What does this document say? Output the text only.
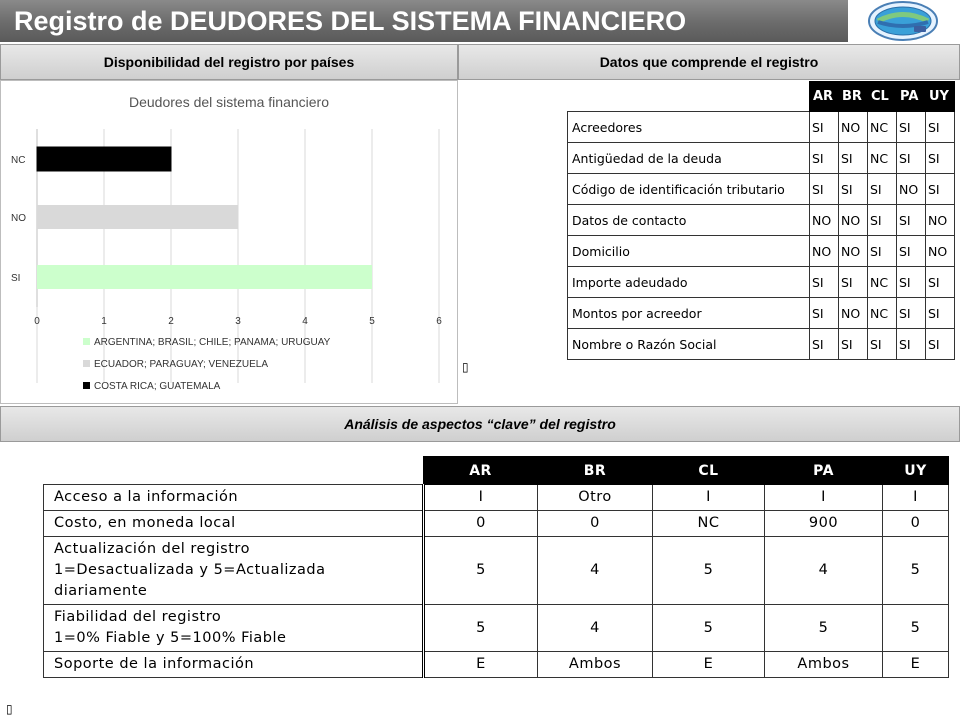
Registro de DEUDORES DEL SISTEMA FINANCIERO
Disponibilidad del registro por países	Datos que comprende el registro
Deudores del sistema financiero
0	1	2	3	4	5	6
SI
NO
NC
ARGENTINA; BRASIL; CHILE; PANAMA; URUGUAY
ECUADOR; PARAGUAY; VENEZUELA
COSTA RICA; GUATEMALA
	AR	BR	CL	PA	UY
Acreedores	SI	NO	NC	SI	SI
Antigüedad de la deuda	SI	SI	NC	SI	SI
Código de identificación tributario	SI	SI	SI	NO	SI
Datos de contacto	NO	NO	SI	SI	NO
Domicilio	NO	NO	SI	SI	NO
Importe adeudado	SI	SI	NC	SI	SI
Montos por acreedor	SI	NO	NC	SI	SI
Nombre o Razón Social	SI	SI	SI	SI	SI
▯
Análisis de aspectos “clave” del registro
	AR	BR	CL	PA	UY

Acceso a la información	I	Otro	I	I	I

Costo, en moneda local	0	0	NC	900	0

Actualización del registro
1=Desactualizada y 5=Actualizada
diariamente	5	4	5	4	5

Fiabilidad del registro
1=0% Fiable y 5=100% Fiable	5	4	5	5	5

Soporte de la información	E	Ambos	E	Ambos	E
▯
